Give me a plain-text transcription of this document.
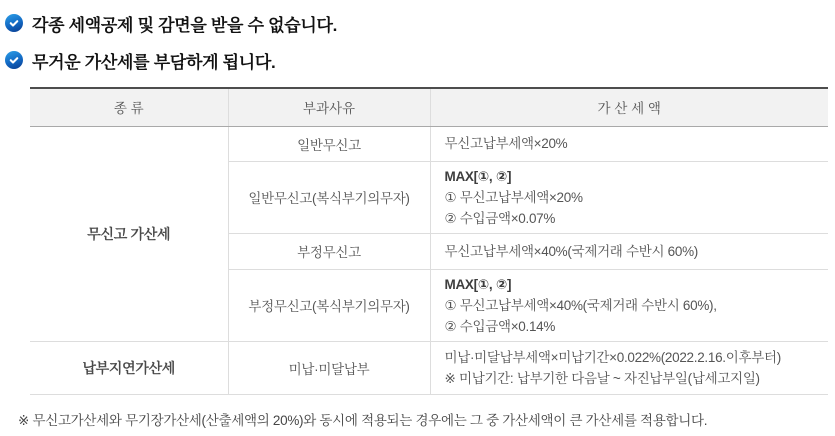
각종 세액공제 및 감면을 받을 수 없습니다.
무거운 가산세를 부담하게 됩니다.
종 류	부과사유	가 산 세 액
무신고 가산세	일반무신고	무신고납부세액×20%

	일반무신고(복식부기의무자)	MAX[①, ②]
① 무신고납부세액×20%
② 수입금액×0.07%

	부정무신고	무신고납부세액×40%(국제거래 수반시 60%)

	부정무신고(복식부기의무자)	MAX[①, ②]
① 무신고납부세액×40%(국제거래 수반시 60%),
② 수입금액×0.14%

납부지연가산세	미납·미달납부	미납·미달납부세액×미납기간×0.022%(2022.2.16.이후부터)
※ 미납기간: 납부기한 다음날 ~ 자진납부일(납세고지일)
※ 무신고가산세와 무기장가산세(산출세액의 20%)와 동시에 적용되는 경우에는 그 중 가산세액이 큰 가산세를 적용합니다.
